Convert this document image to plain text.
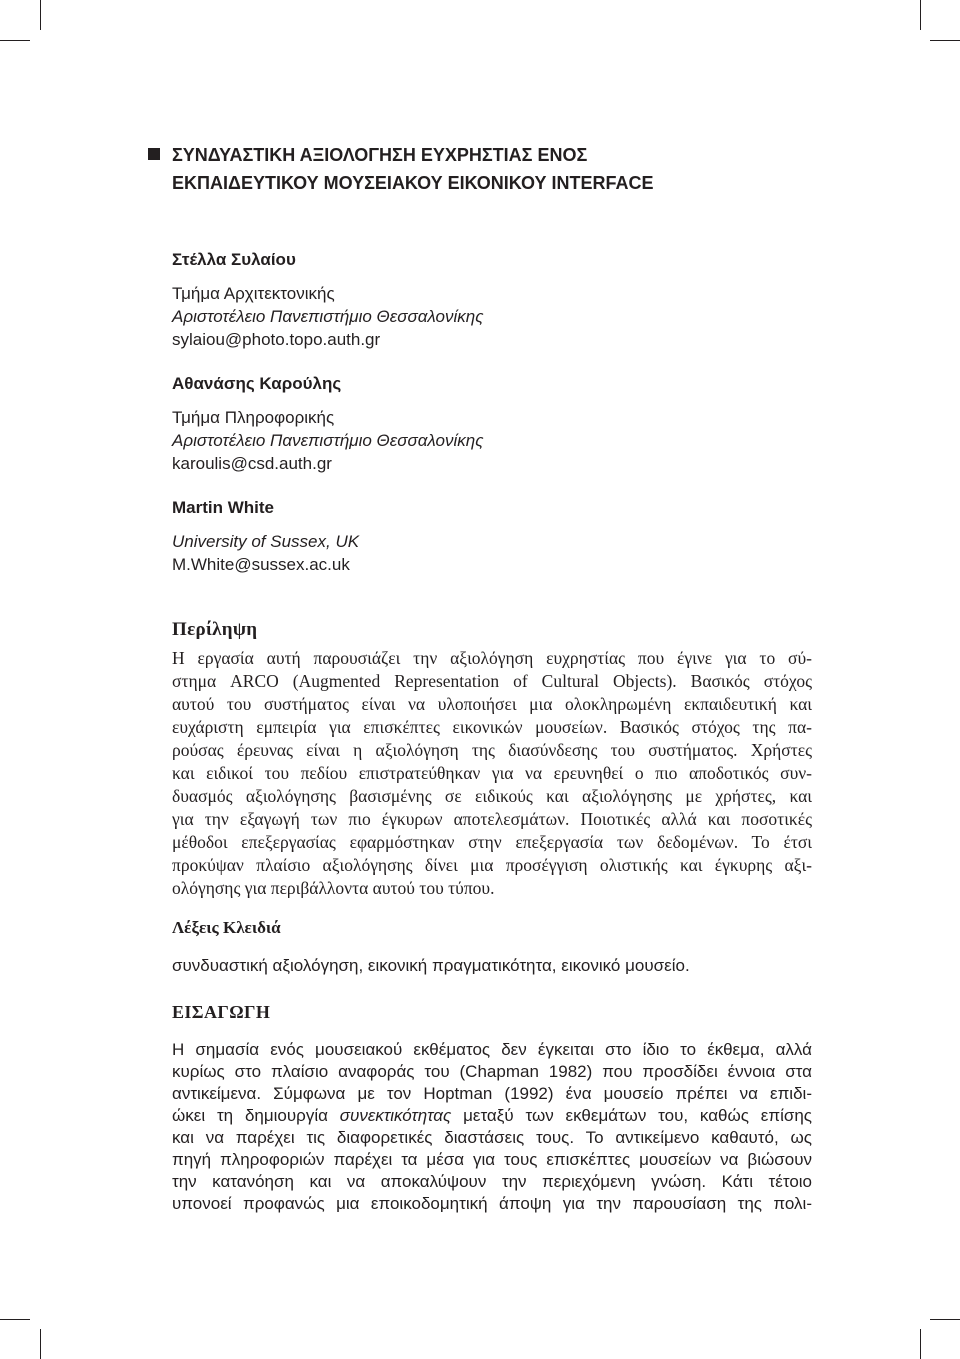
ΣΥΝΔΥΑΣΤΙΚΗ ΑΞΙΟΛΟΓΗΣΗ ΕΥΧΡΗΣΤΙΑΣ ΕΝΟΣ
ΕΚΠΑΙΔΕΥΤΙΚΟΥ ΜΟΥΣΕΙΑΚΟΥ ΕΙΚΟΝΙΚΟΥ INTERFACE
Στέλλα Συλαίου
Τμήμα Αρχιτεκτονικής
Αριστοτέλειο Πανεπιστήμιο Θεσσαλονίκης
sylaiou@photo.topo.auth.gr
Αθανάσης Καρούλης
Τμήμα Πληροφορικής
Αριστοτέλειο Πανεπιστήμιο Θεσσαλονίκης
karoulis@csd.auth.gr
Martin White
University of Sussex, UK
M.White@sussex.ac.uk
Περίληψη
Η εργασία αυτή παρουσιάζει την αξιολόγηση ευχρηστίας που έγινε για το σύ-
στημα ARCO (Augmented Representation of Cultural Objects). Βασικός στόχος
αυτού του συστήματος είναι να υλοποιήσει μια ολοκληρωμένη εκπαιδευτική και
ευχάριστη εμπειρία για επισκέπτες εικονικών μουσείων. Βασικός στόχος της πα-
ρούσας έρευνας είναι η αξιολόγηση της διασύνδεσης του συστήματος. Χρήστες
και ειδικοί του πεδίου επιστρατεύθηκαν για να ερευνηθεί ο πιο αποδοτικός συν-
δυασμός αξιολόγησης βασισμένης σε ειδικούς και αξιολόγησης με χρήστες, και
για την εξαγωγή των πιο έγκυρων αποτελεσμάτων. Ποιοτικές αλλά και ποσοτικές
μέθοδοι επεξεργασίας εφαρμόστηκαν στην επεξεργασία των δεδομένων. Το έτσι
προκύψαν πλαίσιο αξιολόγησης δίνει μια προσέγγιση ολιστικής και έγκυρης αξι-
ολόγησης για περιβάλλοντα αυτού του τύπου.
Λέξεις Κλειδιά
συνδυαστική αξιολόγηση, εικονική πραγματικότητα, εικονικό μουσείο.
ΕΙΣΑΓΩΓΗ
Η σημασία ενός μουσειακού εκθέματος δεν έγκειται στο ίδιο το έκθεμα, αλλά
κυρίως στο πλαίσιο αναφοράς του (Chapman 1982) που προσδίδει έννοια στα
αντικείμενα. Σύμφωνα με τον Hoptman (1992) ένα μουσείο πρέπει να επιδι-
ώκει τη δημιουργία συνεκτικότητας μεταξύ των εκθεμάτων του, καθώς επίσης
και να παρέχει τις διαφορετικές διαστάσεις τους. Το αντικείμενο καθαυτό, ως
πηγή πληροφοριών παρέχει τα μέσα για τους επισκέπτες μουσείων να βιώσουν
την κατανόηση και να αποκαλύψουν την περιεχόμενη γνώση. Κάτι τέτοιο
υπονοεί προφανώς μια εποικοδομητική άποψη για την παρουσίαση της πολι-
